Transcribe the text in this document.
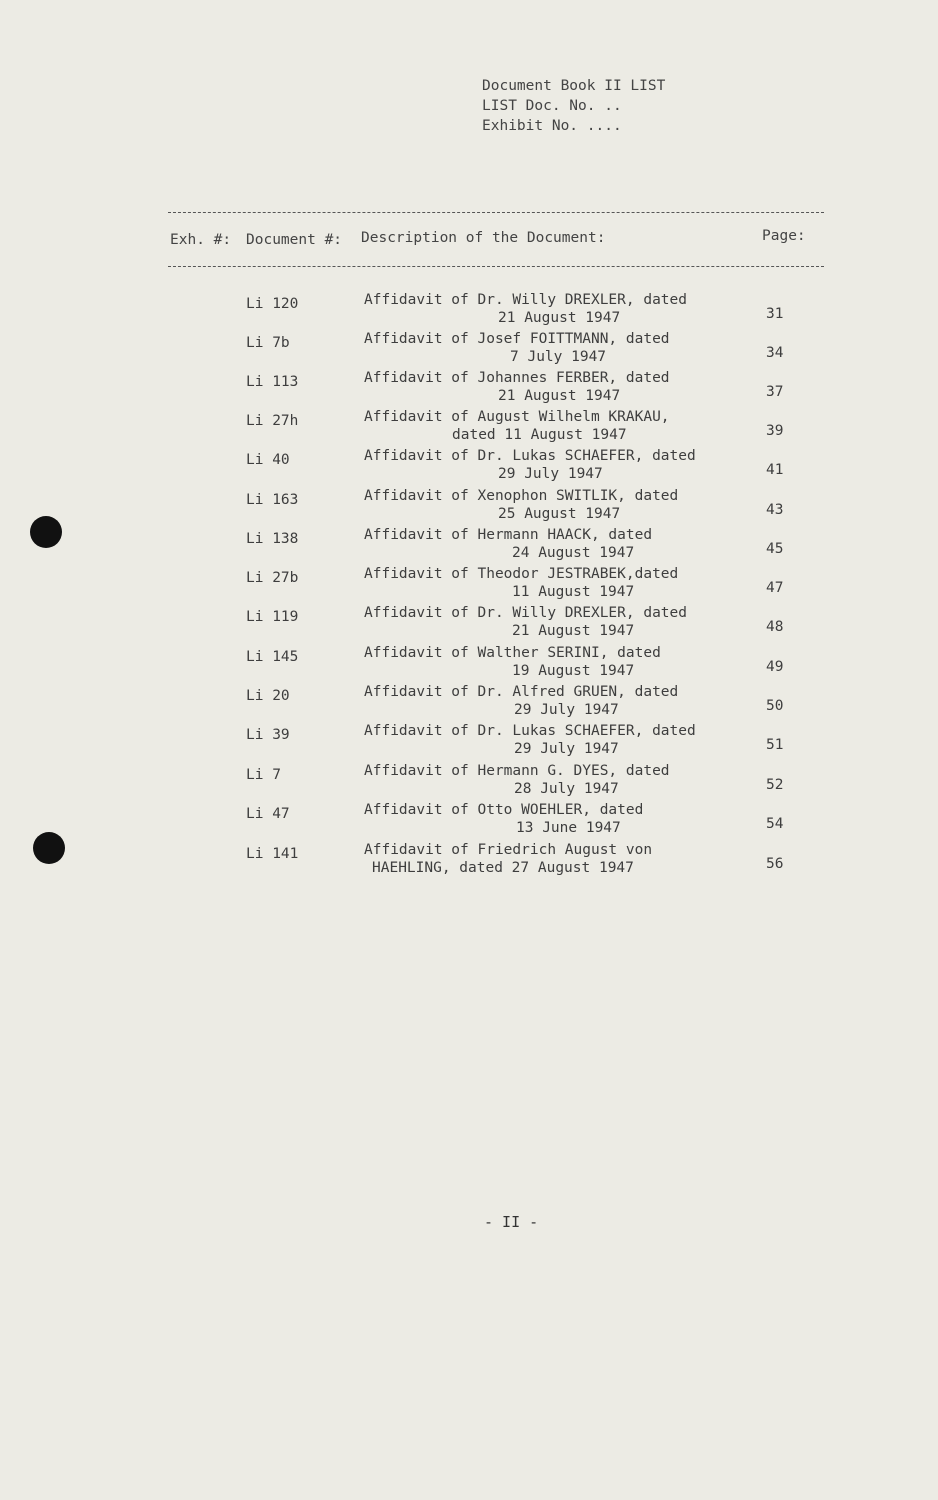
Document Book II LIST
LIST Doc. No. ..
Exhibit No. ....
Exh. #: Document #: Description of the Document:	Page:
Li 120	Affidavit of Dr. Willy DREXLER, dated
21 August 1947	31
Li 7b	Affidavit of Josef FOITTMANN, dated
7 July 1947	34
Li 113	Affidavit of Johannes FERBER, dated
21 August 1947	37
Li 27h	Affidavit of August Wilhelm KRAKAU,
dated 11 August 1947	39
Li 40	Affidavit of Dr. Lukas SCHAEFER, dated
29 July 1947	41
Li 163	Affidavit of Xenophon SWITLIK, dated
25 August 1947	43
Li 138	Affidavit of Hermann HAACK, dated
24 August 1947	45
Li 27b	Affidavit of Theodor JESTRABEK,dated
11 August 1947	47
Li 119	Affidavit of Dr. Willy DREXLER, dated
21 August 1947	48
Li 145	Affidavit of Walther SERINI, dated
19 August 1947	49
Li 20	Affidavit of Dr. Alfred GRUEN, dated
29 July 1947	50
Li 39	Affidavit of Dr. Lukas SCHAEFER, dated
29 July 1947	51
Li 7	Affidavit of Hermann G. DYES, dated
28 July 1947	52
Li 47	Affidavit of Otto WOEHLER, dated
13 June 1947	54
Li 141	Affidavit of Friedrich August von
HAEHLING, dated 27 August 1947	56
- II -
